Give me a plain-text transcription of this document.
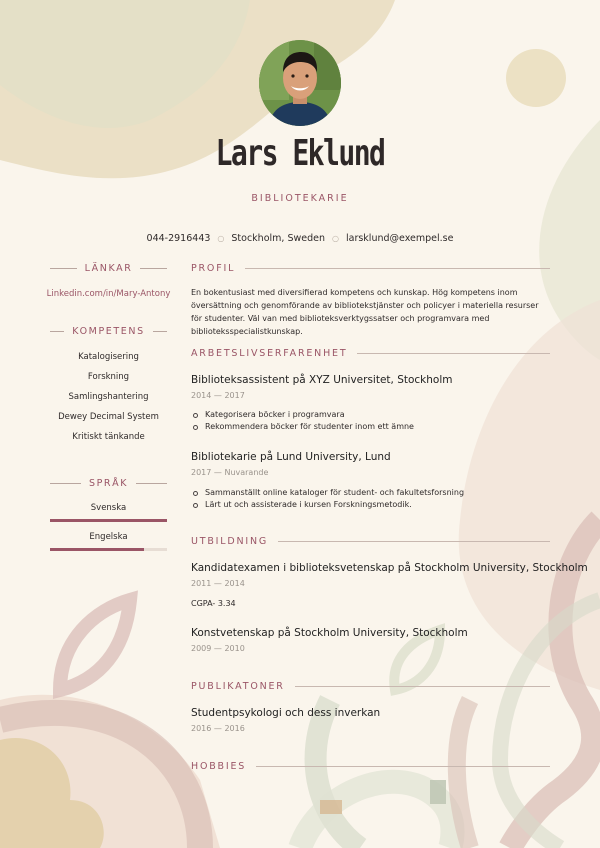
Lars Eklund
BIBLIOTEKARIE
044-2916443 ○ Stockholm, Sweden ○ larsklund@exempel.se
LÄNKAR
Linkedin.com/in/Mary-Antony
KOMPETENS
Katalogisering
Forskning
Samlingshantering
Dewey Decimal System
Kritiskt tänkande
SPRÅK
Svenska
Engelska
PROFIL
En bokentusiast med diversifierad kompetens och kunskap. Hög kompetens inom översättning och genomförande av bibliotekstjänster och policyer i materiella resurser för studenter. Väl van med biblioteksverktygssatser och programvara med biblioteksspecialistkunskap.
ARBETSLIVSERFARENHET
Biblioteksassistent på XYZ Universitet, Stockholm
2014 — 2017
Kategorisera böcker i programvara
Rekommendera böcker för studenter inom ett ämne
Bibliotekarie på Lund University, Lund
2017 — Nuvarande
Sammanställt online kataloger för student- och fakultetsforsning
Lärt ut och assisterade i kursen Forskningsmetodik.
UTBILDNING
Kandidatexamen i biblioteksvetenskap på Stockholm University, Stockholm
2011 — 2014
CGPA- 3.34
Konstvetenskap på Stockholm University, Stockholm
2009 — 2010
PUBLIKATONER
Studentpsykologi och dess inverkan
2016 — 2016
HOBBIES
